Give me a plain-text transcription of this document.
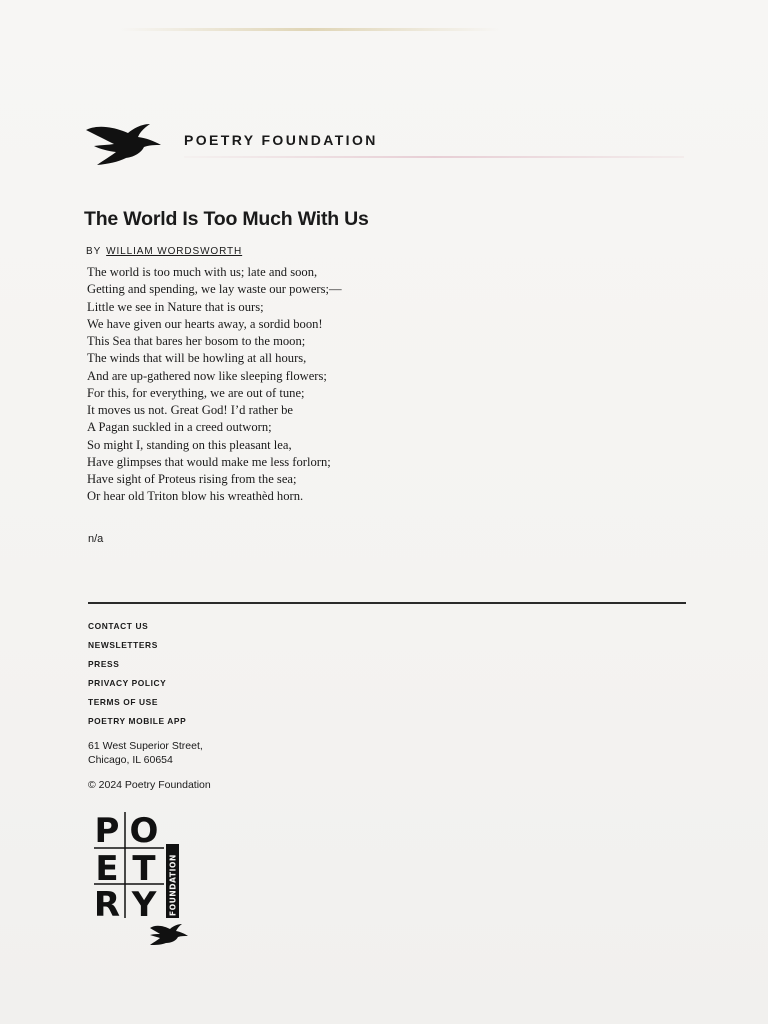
POETRY FOUNDATION
The World Is Too Much With Us
BY WILLIAM WORDSWORTH
The world is too much with us; late and soon,
Getting and spending, we lay waste our powers;—
Little we see in Nature that is ours;
We have given our hearts away, a sordid boon!
This Sea that bares her bosom to the moon;
The winds that will be howling at all hours,
And are up-gathered now like sleeping flowers;
For this, for everything, we are out of tune;
It moves us not. Great God! I’d rather be
A Pagan suckled in a creed outworn;
So might I, standing on this pleasant lea,
Have glimpses that would make me less forlorn;
Have sight of Proteus rising from the sea;
Or hear old Triton blow his wreathèd horn.
n/a
CONTACT US
NEWSLETTERS
PRESS
PRIVACY POLICY
TERMS OF USE
POETRY MOBILE APP
61 West Superior Street,
Chicago, IL 60654
© 2024 Poetry Foundation
P O
E T
R Y FOUNDATION
